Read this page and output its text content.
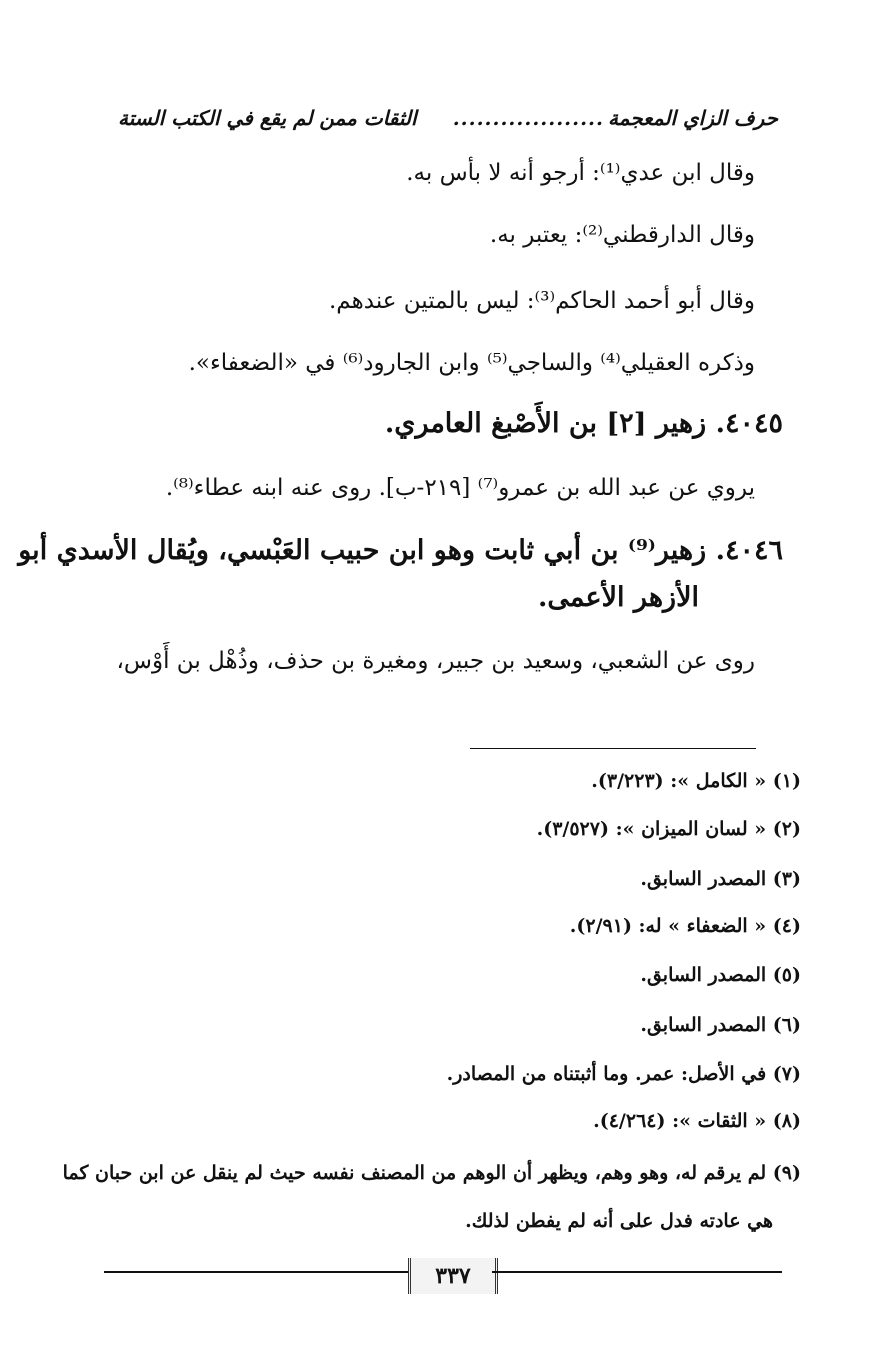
حرف الزاي المعجمة
...................
الثقات ممن لم يقع في الكتب الستة
وقال ابن عدي⁽¹⁾: أرجو أنه لا بأس به.
وقال الدارقطني⁽²⁾: يعتبر به.
وقال أبو أحمد الحاكم⁽³⁾: ليس بالمتين عندهم.
وذكره العقيلي⁽⁴⁾ والساجي⁽⁵⁾ وابن الجارود⁽⁶⁾ في «الضعفاء».
٤٠٤٥. زهير [٢] بن الأَصْبغ العامري.
يروي عن عبد الله بن عمرو⁽⁷⁾ [٢١٩-ب]. روى عنه ابنه عطاء⁽⁸⁾.
٤٠٤٦. زهير⁽⁹⁾ بن أبي ثابت وهو ابن حبيب العَبْسي، ويُقال الأسدي أبو
الأزهر الأعمى.
روى عن الشعبي، وسعيد بن جبير، ومغيرة بن حذف، وذُهْل بن أَوْس،
(١) « الكامل »: (٣/٢٢٣).
(٢) « لسان الميزان »: (٣/٥٢٧).
(٣) المصدر السابق.
(٤) « الضعفاء » له: (٢/٩١).
(٥) المصدر السابق.
(٦) المصدر السابق.
(٧) في الأصل: عمر. وما أثبتناه من المصادر.
(٨) « الثقات »: (٤/٢٦٤).
(٩) لم يرقم له، وهو وهم، ويظهر أن الوهم من المصنف نفسه حيث لم ينقل عن ابن حبان كما
هي عادته فدل على أنه لم يفطن لذلك.
٣٣٧
